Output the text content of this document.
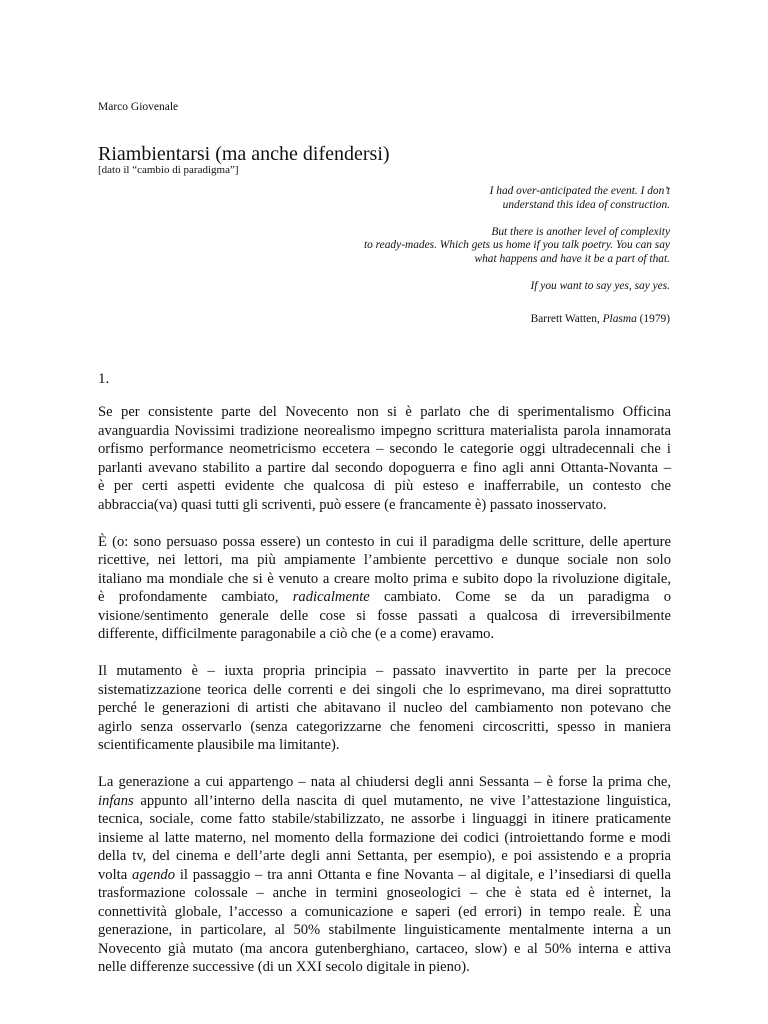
Marco Giovenale
Riambientarsi (ma anche difendersi)
[dato il “cambio di paradigma”]

I had over-anticipated the event. I don’t
understand this idea of construction.

But there is another level of complexity
to ready-mades. Which gets us home if you talk poetry. You can say
what happens and have it be a part of that.

If you want to say yes, say yes.

Barrett Watten, Plasma (1979)
1.

Se per consistente parte del Novecento non si è parlato che di sperimentalismo Officina
avanguardia Novissimi tradizione neorealismo impegno scrittura materialista parola innamorata
orfismo performance neometricismo eccetera – secondo le categorie oggi ultradecennali che i
parlanti avevano stabilito a partire dal secondo dopoguerra e fino agli anni Ottanta-Novanta –
è per certi aspetti evidente che qualcosa di più esteso e inafferrabile, un contesto che
abbraccia(va) quasi tutti gli scriventi, può essere (e francamente è) passato inosservato.

È (o: sono persuaso possa essere) un contesto in cui il paradigma delle scritture, delle aperture
ricettive, nei lettori, ma più ampiamente l’ambiente percettivo e dunque sociale non solo
italiano ma mondiale che si è venuto a creare molto prima e subito dopo la rivoluzione digitale,
è profondamente cambiato, radicalmente cambiato. Come se da un paradigma o
visione/sentimento generale delle cose si fosse passati a qualcosa di irreversibilmente
differente, difficilmente paragonabile a ciò che (e a come) eravamo.

Il mutamento è – iuxta propria principia – passato inavvertito in parte per la precoce
sistematizzazione teorica delle correnti e dei singoli che lo esprimevano, ma direi soprattutto
perché le generazioni di artisti che abitavano il nucleo del cambiamento non potevano che
agirlo senza osservarlo (senza categorizzarne che fenomeni circoscritti, spesso in maniera
scientificamente plausibile ma limitante).

La generazione a cui appartengo – nata al chiudersi degli anni Sessanta – è forse la prima che,
infans appunto all’interno della nascita di quel mutamento, ne vive l’attestazione linguistica,
tecnica, sociale, come fatto stabile/stabilizzato, ne assorbe i linguaggi in itinere praticamente
insieme al latte materno, nel momento della formazione dei codici (introiettando forme e modi
della tv, del cinema e dell’arte degli anni Settanta, per esempio), e poi assistendo e a propria
volta agendo il passaggio – tra anni Ottanta e fine Novanta – al digitale, e l’insediarsi di quella
trasformazione colossale – anche in termini gnoseologici – che è stata ed è internet, la
connettività globale, l’accesso a comunicazione e saperi (ed errori) in tempo reale. È una
generazione, in particolare, al 50% stabilmente linguisticamente mentalmente interna a un
Novecento già mutato (ma ancora gutenberghiano, cartaceo, slow) e al 50% interna e attiva
nelle differenze successive (di un XXI secolo digitale in pieno).
